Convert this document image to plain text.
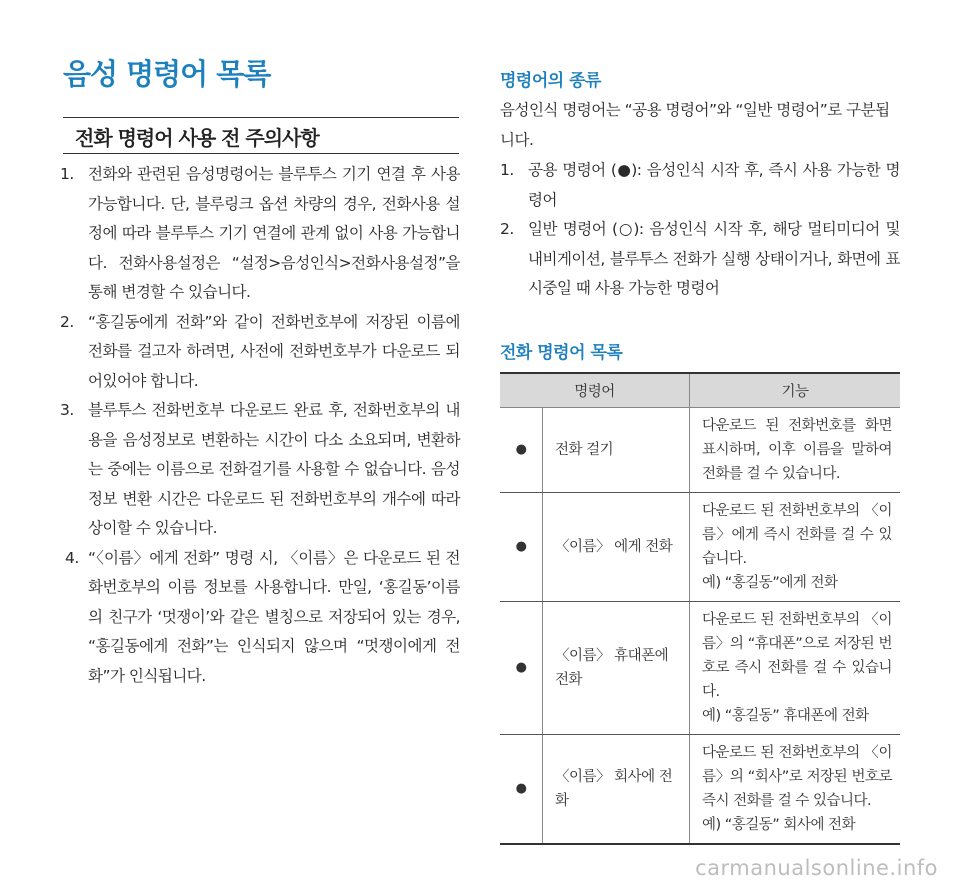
음성 명령어 목록
전화 명령어 사용 전 주의사항
1. 전화와 관련된 음성명령어는 블루투스 기기 연결 후 사용 가능합니다. 단, 블루링크 옵션 차량의 경우, 전화사용 설정에 따라 블루투스 기기 연결에 관계 없이 사용 가능합니다. 전화사용설정은 “설정>음성인식>전화사용설정”을 통해 변경할 수 있습니다.
2. “홍길동에게 전화”와 같이 전화번호부에 저장된 이름에 전화를 걸고자 하려면, 사전에 전화번호부가 다운로드 되어있어야 합니다.
3. 블루투스 전화번호부 다운로드 완료 후, 전화번호부의 내용을 음성정보로 변환하는 시간이 다소 소요되며, 변환하는 중에는 이름으로 전화걸기를 사용할 수 없습니다. 음성정보 변환 시간은 다운로드 된 전화번호부의 개수에 따라 상이할 수 있습니다.
4. “〈이름〉에게 전화” 명령 시, 〈이름〉은 다운로드 된 전화번호부의 이름 정보를 사용합니다. 만일, ‘홍길동’이름의 친구가 ‘멋쟁이’와 같은 별칭으로 저장되어 있는 경우, “홍길동에게 전화”는 인식되지 않으며 “멋쟁이에게 전화”가 인식됩니다.
명령어의 종류
음성인식 명령어는 “공용 명령어”와 “일반 명령어”로 구분됩니다.
1. 공용 명령어 (●): 음성인식 시작 후, 즉시 사용 가능한 명령어
2. 일반 명령어 (○): 음성인식 시작 후, 해당 멀티미디어 및 내비게이션, 블루투스 전화가 실행 상태이거나, 화면에 표시중일 때 사용 가능한 명령어
전화 명령어 목록
명령어		기능
●	전화 걸기	다운로드 된 전화번호를 화면 표시하며, 이후 이름을 말하여 전화를 걸 수 있습니다.
●	〈이름〉 에게 전화	다운로드 된 전화번호부의 〈이름〉에게 즉시 전화를 걸 수 있습니다.
예) “홍길동”에게 전화
●	〈이름〉 휴대폰에 전화	다운로드 된 전화번호부의 〈이름〉의 “휴대폰”으로 저장된 번호로 즉시 전화를 걸 수 있습니다.
예) “홍길동” 휴대폰에 전화
●	〈이름〉 회사에 전화	다운로드 된 전화번호부의 〈이름〉의 “회사”로 저장된 번호로 즉시 전화를 걸 수 있습니다.
예) “홍길동” 회사에 전화
carmanualsonline.info
